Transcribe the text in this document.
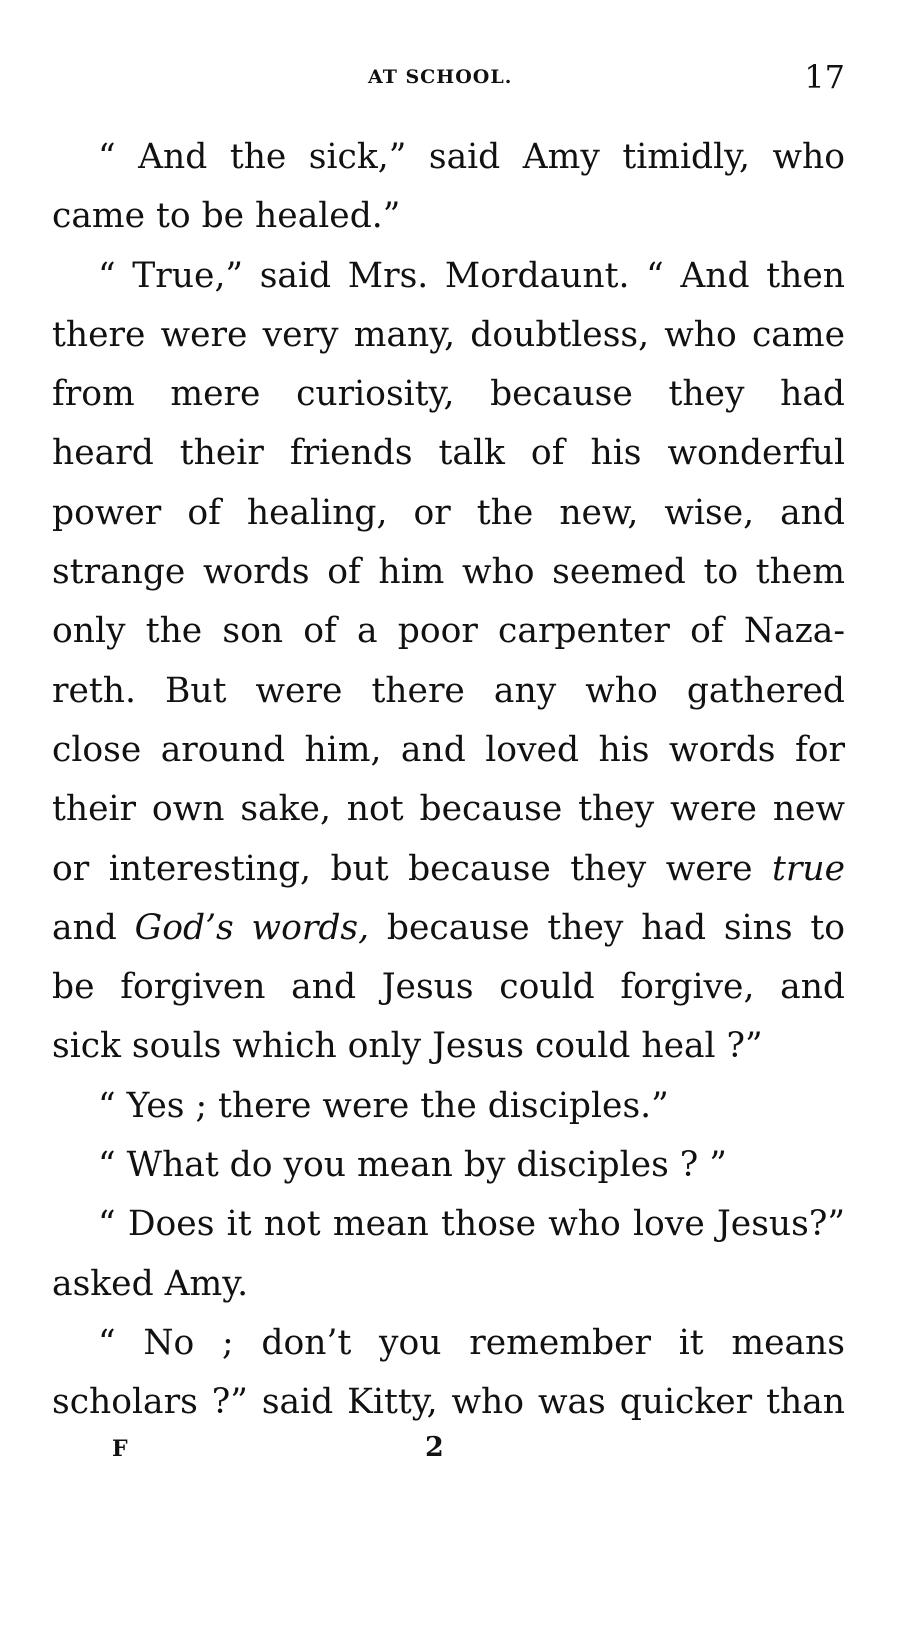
AT SCHOOL.	17
“ And the sick,” said Amy timidly, who
came to be healed.”
“ True,” said Mrs. Mordaunt. “ And then
there were very many, doubtless, who came
from mere curiosity, because they had
heard their friends talk of his wonderful
power of healing, or the new, wise, and
strange words of him who seemed to them
only the son of a poor carpenter of Naza-
reth. But were there any who gathered
close around him, and loved his words for
their own sake, not because they were new
or interesting, but because they were true
and God’s words, because they had sins to
be forgiven and Jesus could forgive, and
sick souls which only Jesus could heal ?”
“ Yes ; there were the disciples.”
“ What do you mean by disciples ? ”
“ Does it not mean those who love Jesus?”
asked Amy.
“ No ; don’t you remember it means
scholars ?” said Kitty, who was quicker than
F	2
